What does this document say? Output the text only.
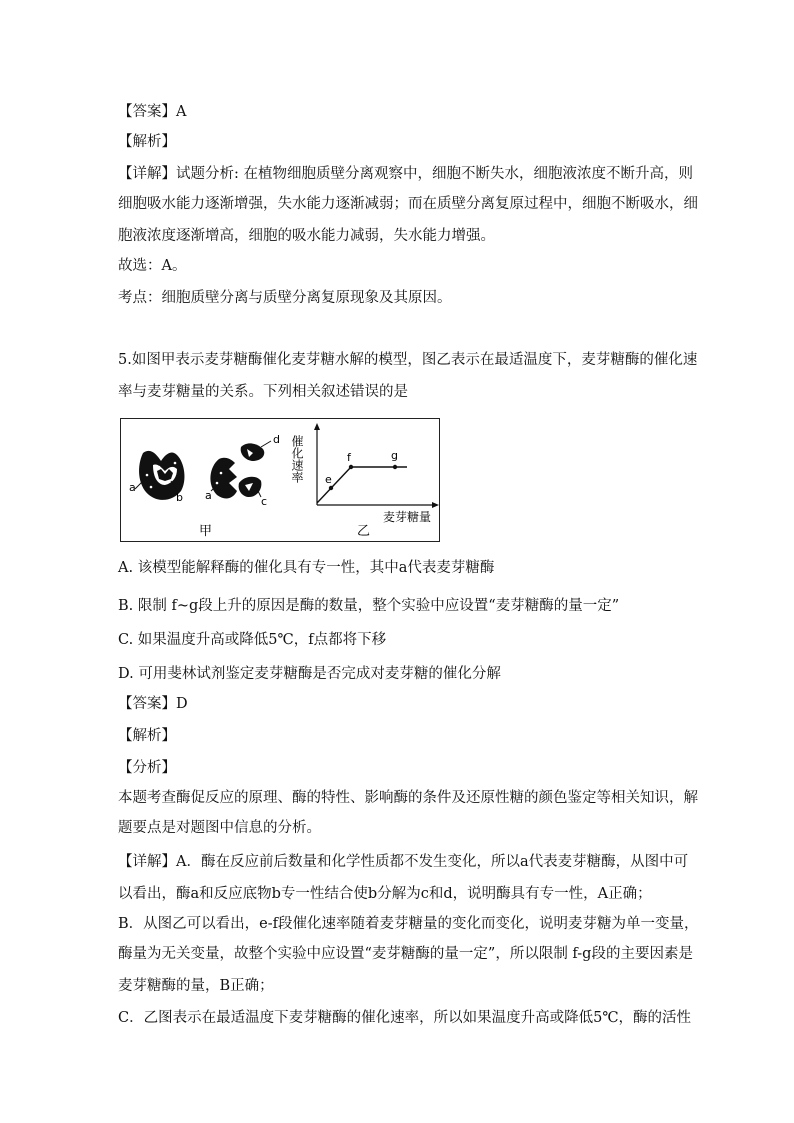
【答案】A
【解析】
【详解】试题分析: 在植物细胞质壁分离观察中，细胞不断失水，细胞液浓度不断升高，则
细胞吸水能力逐渐增强，失水能力逐渐减弱；而在质壁分离复原过程中，细胞不断吸水，细
胞液浓度逐渐增高，细胞的吸水能力减弱，失水能力增强。
故选：A。
考点：细胞质壁分离与质壁分离复原现象及其原因。
5.如图甲表示麦芽糖酶催化麦芽糖水解的模型，图乙表示在最适温度下，麦芽糖酶的催化速
率与麦芽糖量的关系。下列相关叙述错误的是
A. 该模型能解释酶的催化具有专一性，其中a代表麦芽糖酶
B. 限制 f~g段上升的原因是酶的数量，整个实验中应设置“麦芽糖酶的量一定”
C. 如果温度升高或降低5℃，f点都将下移
D. 可用斐林试剂鉴定麦芽糖酶是否完成对麦芽糖的催化分解
【答案】D
【解析】
【分析】
本题考查酶促反应的原理、酶的特性、影响酶的条件及还原性糖的颜色鉴定等相关知识，解
题要点是对题图中信息的分析。
【详解】A．酶在反应前后数量和化学性质都不发生变化，所以a代表麦芽糖酶，从图中可
以看出，酶a和反应底物b专一性结合使b分解为c和d，说明酶具有专一性，A正确；
B．从图乙可以看出，e-f段催化速率随着麦芽糖量的变化而变化，说明麦芽糖为单一变量，
酶量为无关变量，故整个实验中应设置“麦芽糖酶的量一定”，所以限制 f-g段的主要因素是
麦芽糖酶的量，B正确；
C．乙图表示在最适温度下麦芽糖酶的催化速率，所以如果温度升高或降低5℃，酶的活性
a
b a	c
d
甲	乙
催化速率
麦芽糖量
e
f	g
